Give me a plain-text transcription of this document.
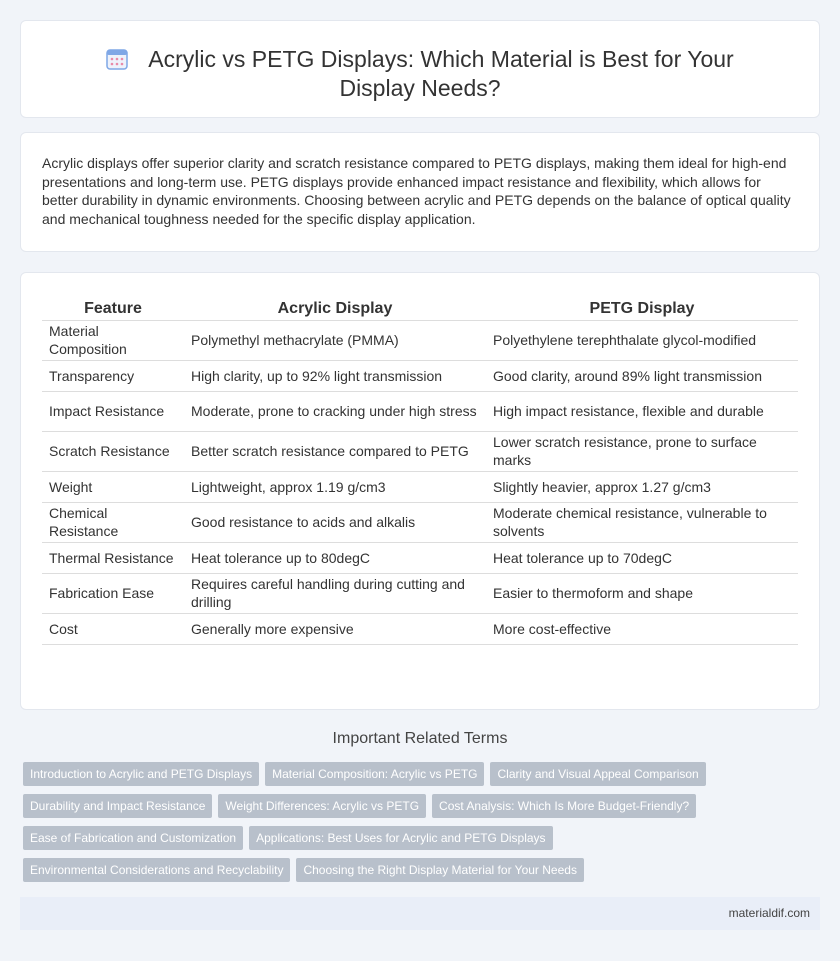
Acrylic vs PETG Displays: Which Material is Best for Your Display Needs?

Acrylic displays offer superior clarity and scratch resistance compared to PETG displays, making them ideal for high-end presentations and long-term use. PETG displays provide enhanced impact resistance and flexibility, which allows for better durability in dynamic environments. Choosing between acrylic and PETG depends on the balance of optical quality and mechanical toughness needed for the specific display application.

Feature	Acrylic Display	PETG Display
Material Composition	Polymethyl methacrylate (PMMA)	Polyethylene terephthalate glycol-modified
Transparency	High clarity, up to 92% light transmission	Good clarity, around 89% light transmission
Impact Resistance	Moderate, prone to cracking under high stress	High impact resistance, flexible and durable
Scratch Resistance	Better scratch resistance compared to PETG	Lower scratch resistance, prone to surface marks
Weight	Lightweight, approx 1.19 g/cm3	Slightly heavier, approx 1.27 g/cm3
Chemical Resistance	Good resistance to acids and alkalis	Moderate chemical resistance, vulnerable to solvents
Thermal Resistance	Heat tolerance up to 80degC	Heat tolerance up to 70degC
Fabrication Ease	Requires careful handling during cutting and drilling	Easier to thermoform and shape
Cost	Generally more expensive	More cost-effective
Important Related Terms
Introduction to Acrylic and PETG Displays Material Composition: Acrylic vs PETG Clarity and Visual Appeal Comparison
Durability and Impact Resistance Weight Differences: Acrylic vs PETG Cost Analysis: Which Is More Budget-Friendly?
Ease of Fabrication and Customization Applications: Best Uses for Acrylic and PETG Displays
Environmental Considerations and Recyclability Choosing the Right Display Material for Your Needs
materialdif.com
